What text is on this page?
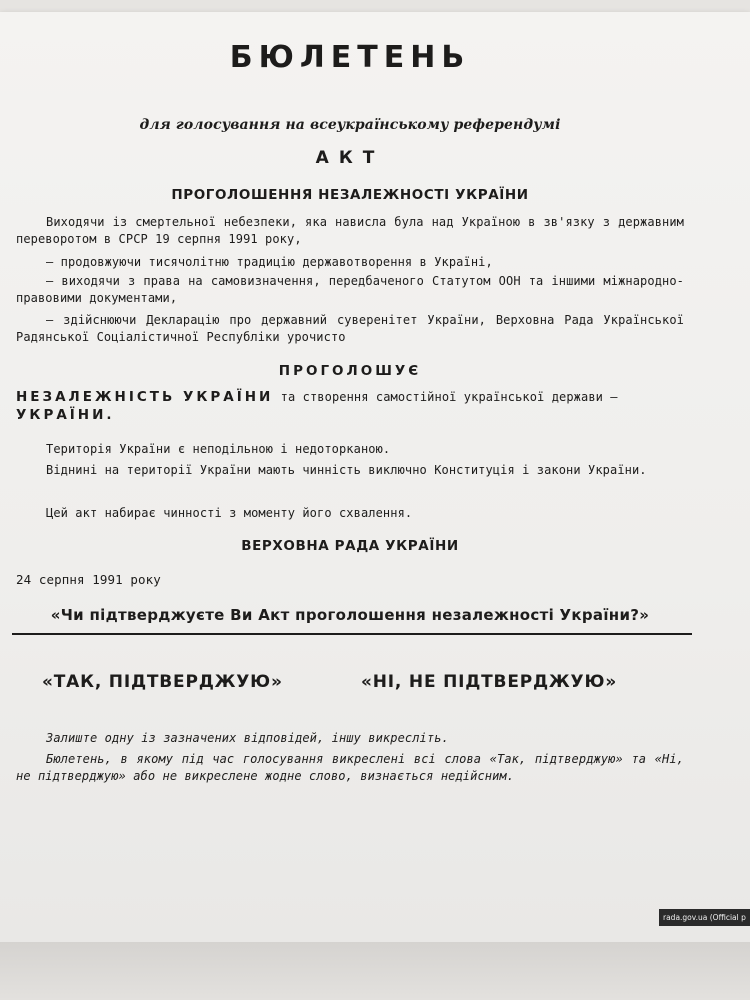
БЮЛЕТЕНЬ
для голосування на всеукраїнському референдумі
АКТ
ПРОГОЛОШЕННЯ НЕЗАЛЕЖНОСТІ УКРАЇНИ
Виходячи із смертельної небезпеки, яка нависла була над Україною в зв'язку з державним переворотом в СРСР 19 серпня 1991 року,
— продовжуючи тисячолітню традицію державотворення в Україні,
— виходячи з права на самовизначення, передбаченого Статутом ООН та іншими міжнародно-правовими документами,
— здійснюючи Декларацію про державний суверенітет України, Верховна Рада Української Радянської Соціалістичної Республіки урочисто
ПРОГОЛОШУЄ
НЕЗАЛЕЖНІСТЬ УКРАЇНИ та створення самостійної української держави — УКРАЇНИ.
Територія України є неподільною і недоторканою.
Віднині на території України мають чинність виключно Конституція і закони України.
Цей акт набирає чинності з моменту його схвалення.
ВЕРХОВНА РАДА УКРАЇНИ
24 серпня 1991 року
«Чи підтверджуєте Ви Акт проголошення незалежності України?»
«ТАК, ПІДТВЕРДЖУЮ»	«НІ, НЕ ПІДТВЕРДЖУЮ»
Залиште одну із зазначених відповідей, іншу викресліть.
Бюлетень, в якому під час голосування викреслені всі слова «Так, підтверджую» та «Ні, не підтверджую» або не викреслене жодне слово, визнається недійсним.
rada.gov.ua (Official p
